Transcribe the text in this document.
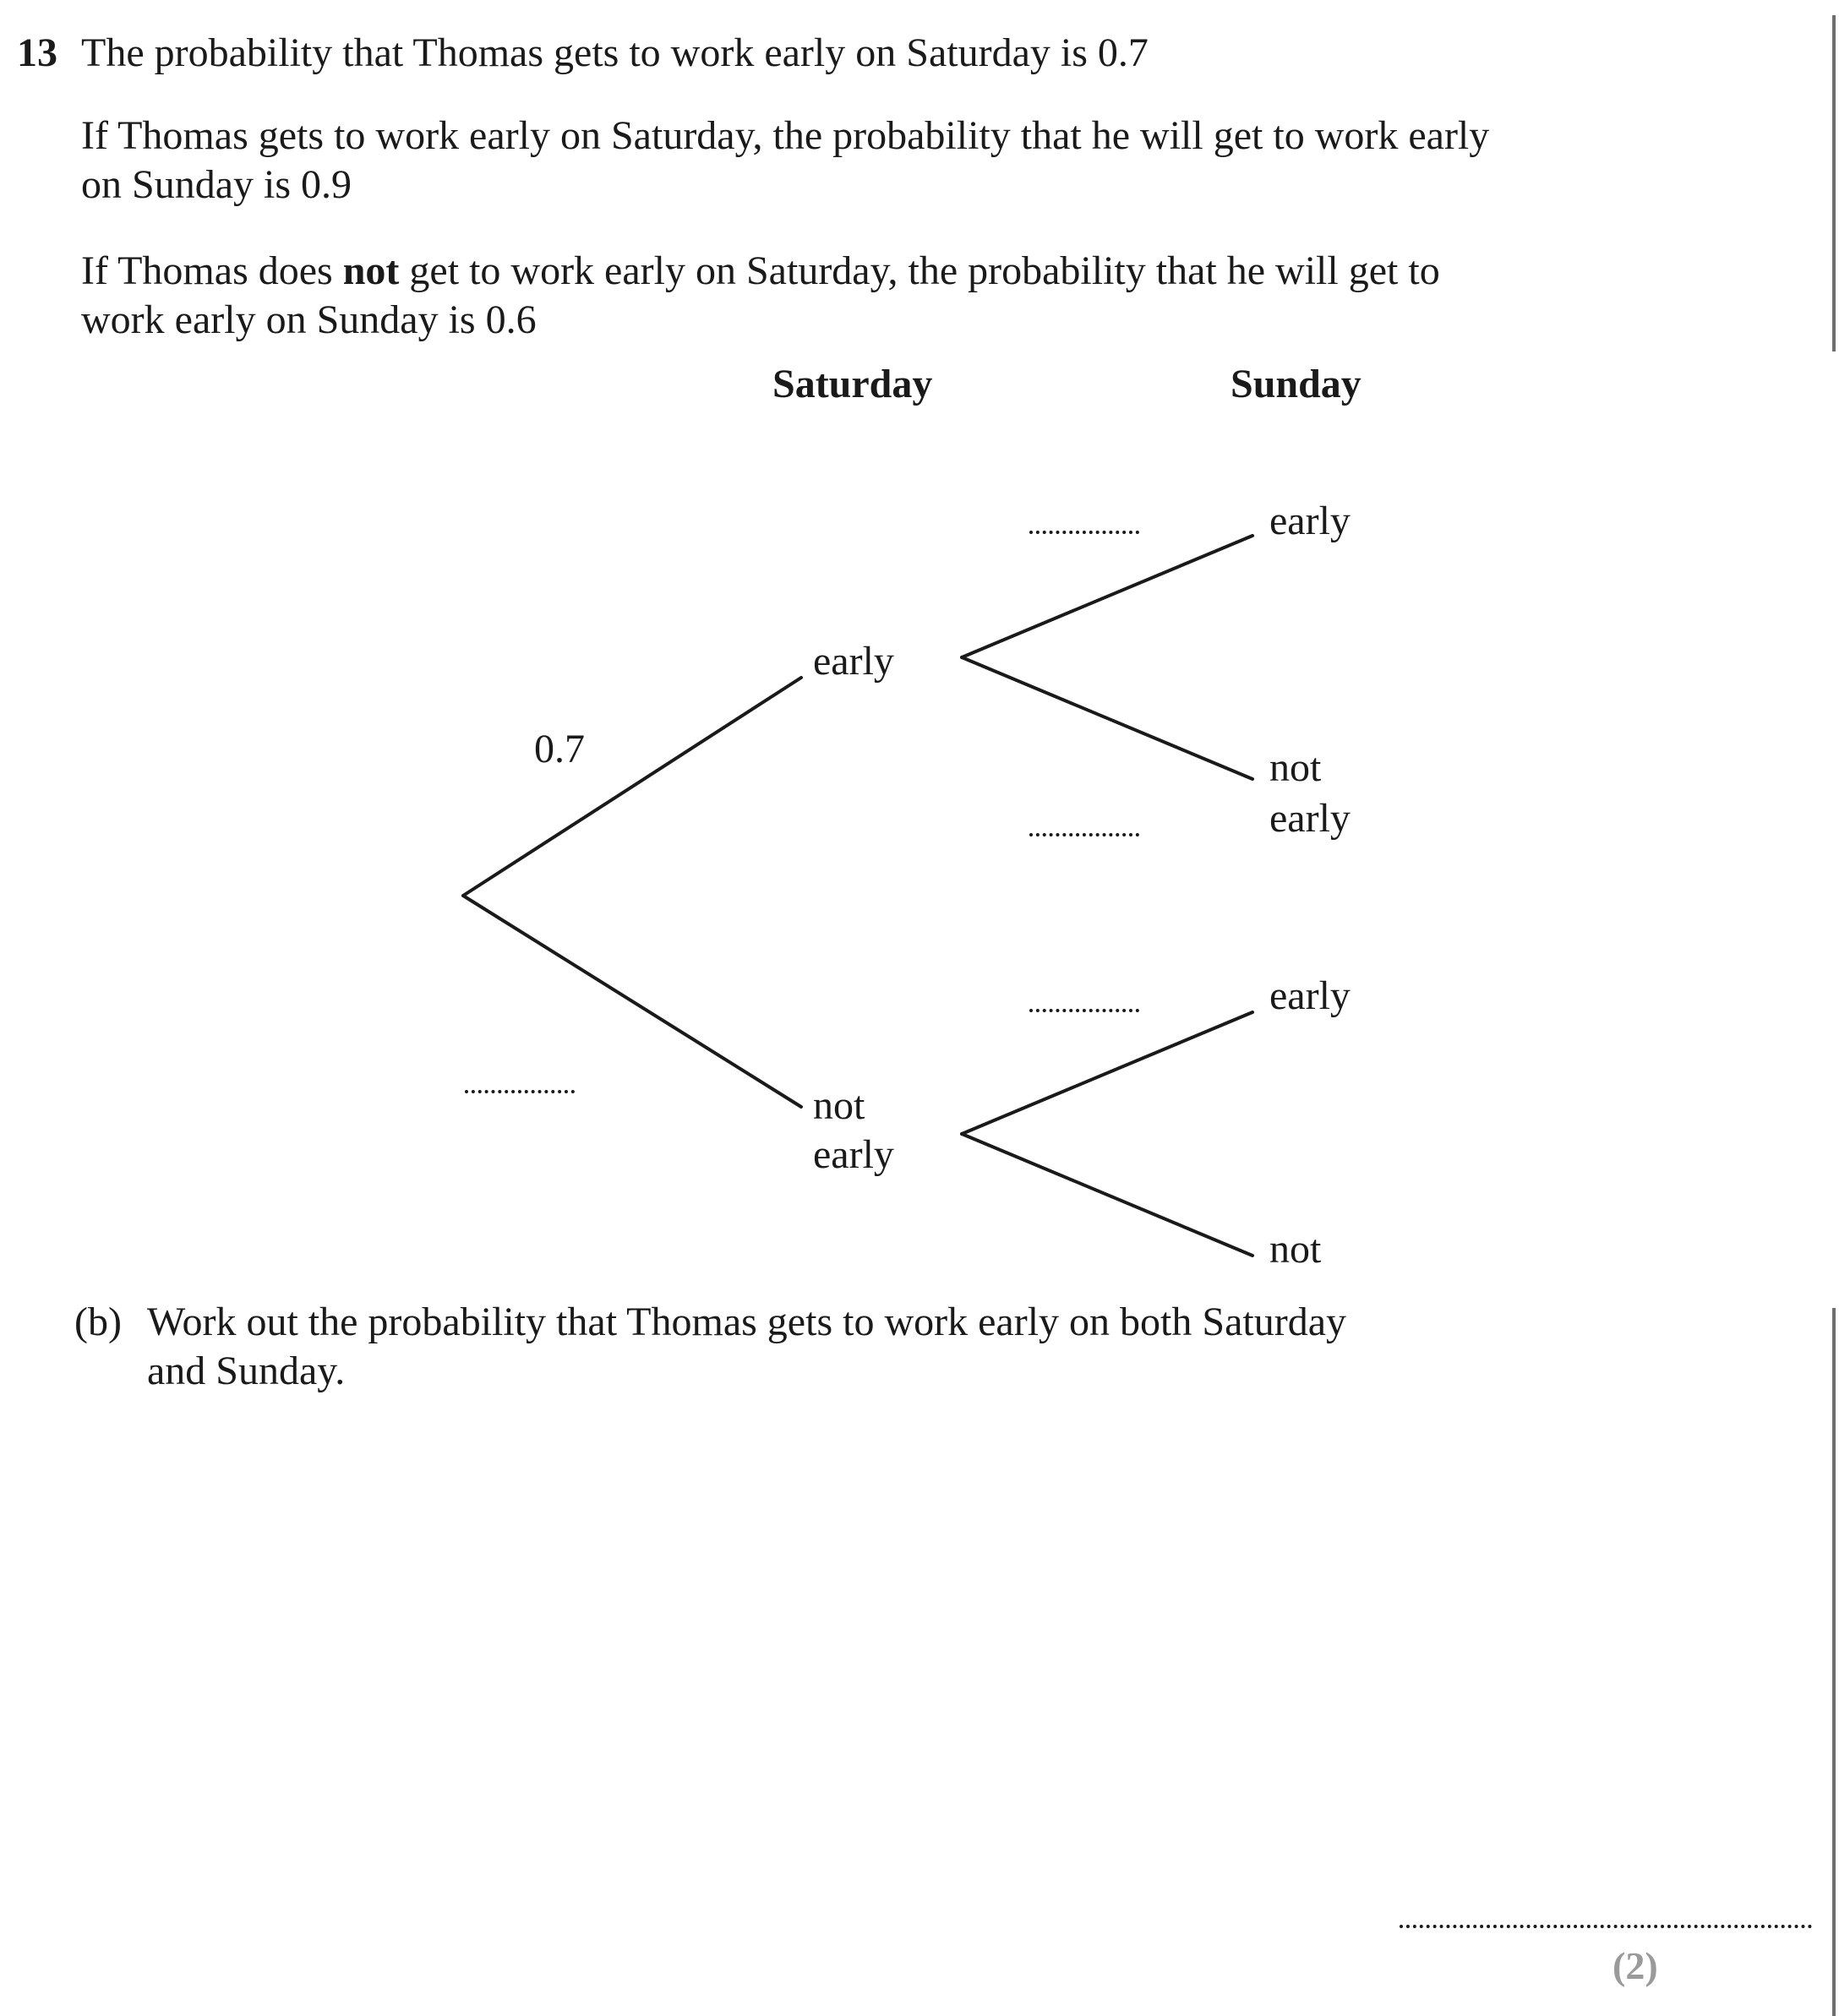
13 The probability that Thomas gets to work early on Saturday is 0.7
If Thomas gets to work early on Saturday, the probability that he will get to work early
on Sunday is 0.9
If Thomas does not get to work early on Saturday, the probability that he will get to
work early on Sunday is 0.6
Saturday	Sunday
0.7
early
not
early
early
not
early
early
not
(b) Work out the probability that Thomas gets to work early on both Saturday
and Sunday.
(2)
